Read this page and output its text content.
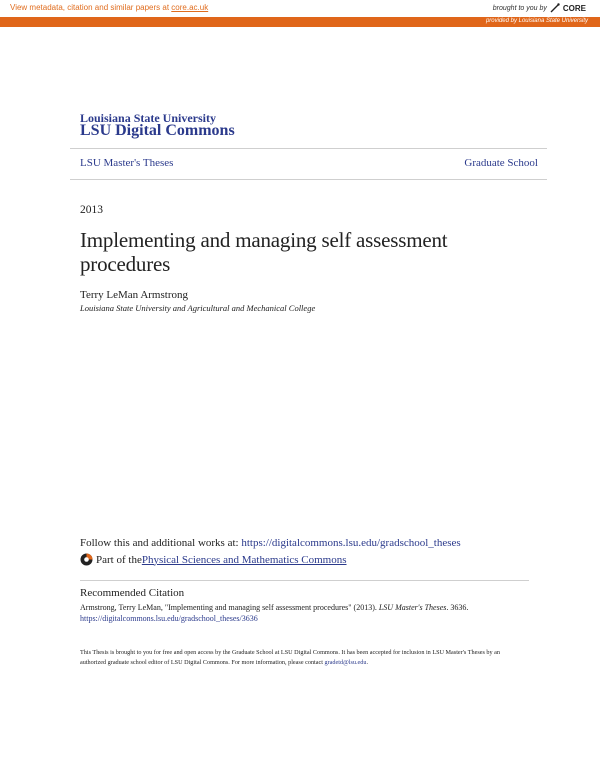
View metadata, citation and similar papers at core.ac.uk	brought to you by CORE
provided by Louisiana State University
Louisiana State University
LSU Digital Commons
LSU Master's Theses	Graduate School
2013
Implementing and managing self assessment procedures
Terry LeMan Armstrong
Louisiana State University and Agricultural and Mechanical College
Follow this and additional works at: https://digitalcommons.lsu.edu/gradschool_theses
Part of the Physical Sciences and Mathematics Commons
Recommended Citation
Armstrong, Terry LeMan, "Implementing and managing self assessment procedures" (2013). LSU Master's Theses. 3636.
https://digitalcommons.lsu.edu/gradschool_theses/3636
This Thesis is brought to you for free and open access by the Graduate School at LSU Digital Commons. It has been accepted for inclusion in LSU Master's Theses by an authorized graduate school editor of LSU Digital Commons. For more information, please contact gradetd@lsu.edu.
